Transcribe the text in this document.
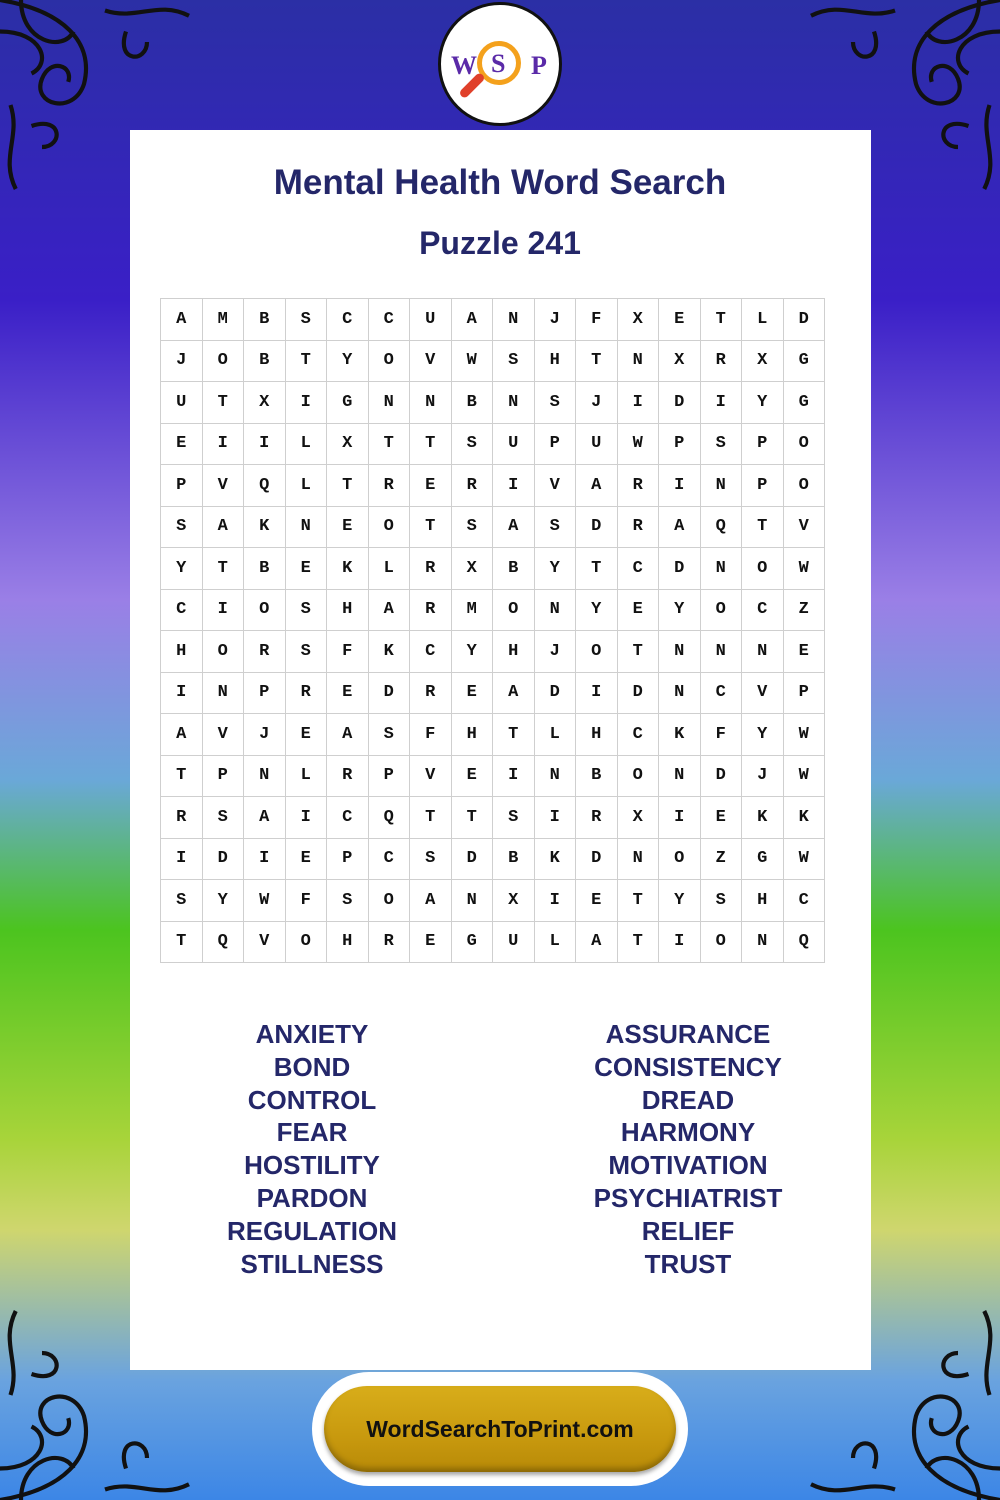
W S P
Mental Health Word Search
Puzzle 241
A	M	B	S	C	C	U	A	N	J	F	X	E	T	L	D
J	O	B	T	Y	O	V	W	S	H	T	N	X	R	X	G
U	T	X	I	G	N	N	B	N	S	J	I	D	I	Y	G
E	I	I	L	X	T	T	S	U	P	U	W	P	S	P	O
P	V	Q	L	T	R	E	R	I	V	A	R	I	N	P	O
S	A	K	N	E	O	T	S	A	S	D	R	A	Q	T	V
Y	T	B	E	K	L	R	X	B	Y	T	C	D	N	O	W
C	I	O	S	H	A	R	M	O	N	Y	E	Y	O	C	Z
H	O	R	S	F	K	C	Y	H	J	O	T	N	N	N	E
I	N	P	R	E	D	R	E	A	D	I	D	N	C	V	P
A	V	J	E	A	S	F	H	T	L	H	C	K	F	Y	W
T	P	N	L	R	P	V	E	I	N	B	O	N	D	J	W
R	S	A	I	C	Q	T	T	S	I	R	X	I	E	K	K
I	D	I	E	P	C	S	D	B	K	D	N	O	Z	G	W
S	Y	W	F	S	O	A	N	X	I	E	T	Y	S	H	C
T	Q	V	O	H	R	E	G	U	L	A	T	I	O	N	Q
ANXIETY
BOND
CONTROL
FEAR
HOSTILITY
PARDON
REGULATION
STILLNESS
ASSURANCE
CONSISTENCY
DREAD
HARMONY
MOTIVATION
PSYCHIATRIST
RELIEF
TRUST
WordSearchToPrint.com
